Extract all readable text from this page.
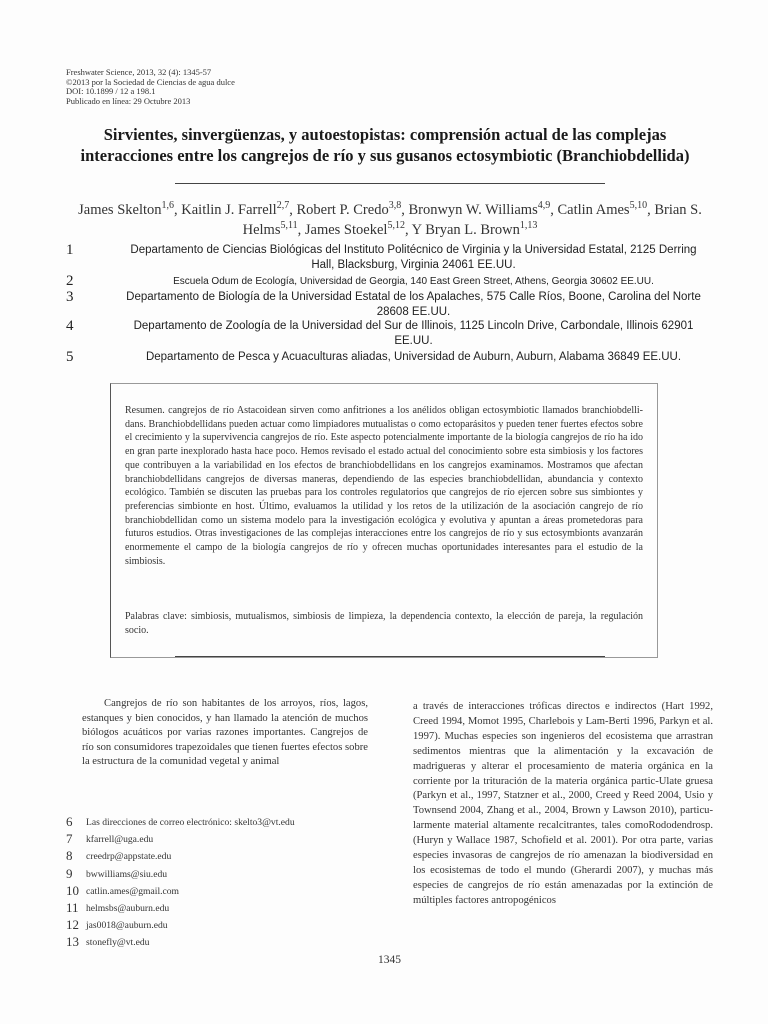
Freshwater Science, 2013, 32 (4): 1345-57
©2013 por la Sociedad de Ciencias de agua dulce
DOI: 10.1899 / 12 a 198.1
Publicado en línea: 29 Octubre 2013
Sirvientes, sinvergüenzas, y autoestopistas: comprensión actual de las complejas interacciones entre los cangrejos de río y sus gusanos ectosymbiotic (Branchiobdellida)
James Skelton$^{1,6}$, Kaitlin J. Farrell$^{2,7}$, Robert P. Credo$^{3,8}$, Bronwyn W. Williams$^{4,9}$, Catlin Ames$^{5,10}$, Brian S. Helms$^{5,11}$, James Stoekel$^{5,12}$, Y Bryan L. Brown$^{1,13}$
1	Departamento de Ciencias Biológicas del Instituto Politécnico de Virginia y la Universidad Estatal, 2125 Derring Hall, Blacksburg, Virginia 24061 EE.UU.
2	Escuela Odum de Ecología, Universidad de Georgia, 140 East Green Street, Athens, Georgia 30602 EE.UU.
3	Departamento de Biología de la Universidad Estatal de los Apalaches, 575 Calle Ríos, Boone, Carolina del Norte 28608 EE.UU.
4	Departamento de Zoología de la Universidad del Sur de Illinois, 1125 Lincoln Drive, Carbondale, Illinois 62901 EE.UU.
5	Departamento de Pesca y Acuaculturas aliadas, Universidad de Auburn, Auburn, Alabama 36849 EE.UU.
Resumen. cangrejos de río Astacoidean sirven como anfitriones a los anélidos obligan ectosymbiotic llamados branchiobdelli-dans. Branchiobdellidans pueden actuar como limpiadores mutualistas o como ectoparásitos y pueden tener fuertes efectos sobre el crecimiento y la supervivencia cangrejos de río. Este aspecto potencialmente importante de la biología cangrejos de río ha ido en gran parte inexplorado hasta hace poco. Hemos revisado el estado actual del conocimiento sobre esta simbiosis y los factores que contribuyen a la variabilidad en los efectos de branchiobdellidans en los cangrejos examinamos. Mostramos que afectan branchiobdellidans cangrejos de diversas maneras, dependiendo de las especies branchiobdellidan, abundancia y contexto ecológico. También se discuten las pruebas para los controles regulatorios que cangrejos de río ejercen sobre sus simbiontes y preferencias simbionte en host. Último, evaluamos la utilidad y los retos de la utilización de la asociación cangrejo de río branchiobdellidan como un sistema modelo para la investigación ecológica y evolutiva y apuntan a áreas prometedoras para futuros estudios. Otras investigaciones de las complejas interacciones entre los cangrejos de río y sus ectosymbionts avanzarán enormemente el campo de la biología cangrejos de río y ofrecen muchas oportunidades interesantes para el estudio de la simbiosis.
Palabras clave: simbiosis, mutualismos, simbiosis de limpieza, la dependencia contexto, la elección de pareja, la regulación socio.
Cangrejos de río son habitantes de los arroyos, ríos, lagos, estanques y bien conocidos, y han llamado la atención de muchos biólogos acuáticos por varias razones importantes. Cangrejos de río son consumidores trapezoidales que tienen fuertes efectos sobre la estructura de la comunidad vegetal y animal
a través de interacciones tróficas directos e indirectos (Hart 1992, Creed 1994, Momot 1995, Charlebois y Lam-Berti 1996, Parkyn et al. 1997). Muchas especies son ingenieros del ecosistema que arrastran sedimentos mientras que la alimentación y la excavación de madrigueras y alterar el procesamiento de materia orgánica en la corriente por la trituración de la materia orgánica partic-Ulate gruesa (Parkyn et al., 1997, Statzner et al., 2000, Creed y Reed 2004, Usio y Townsend 2004, Zhang et al., 2004, Brown y Lawson 2010), particu-larmente material altamente recalcitrantes, tales comoRododendrosp. (Huryn y Wallace 1987, Schofield et al. 2001). Por otra parte, varias especies invasoras de cangrejos de río amenazan la biodiversidad en los ecosistemas de todo el mundo (Gherardi 2007), y muchas más especies de cangrejos de río están amenazadas por la extinción de múltiples factores antropogénicos
6 Las direcciones de correo electrónico: skelto3@vt.edu
7 kfarrell@uga.edu
8 creedrp@appstate.edu
9 bwwilliams@siu.edu
10 catlin.ames@gmail.com
11 helmsbs@auburn.edu
12 jas0018@auburn.edu
13 stonefly@vt.edu
1345
